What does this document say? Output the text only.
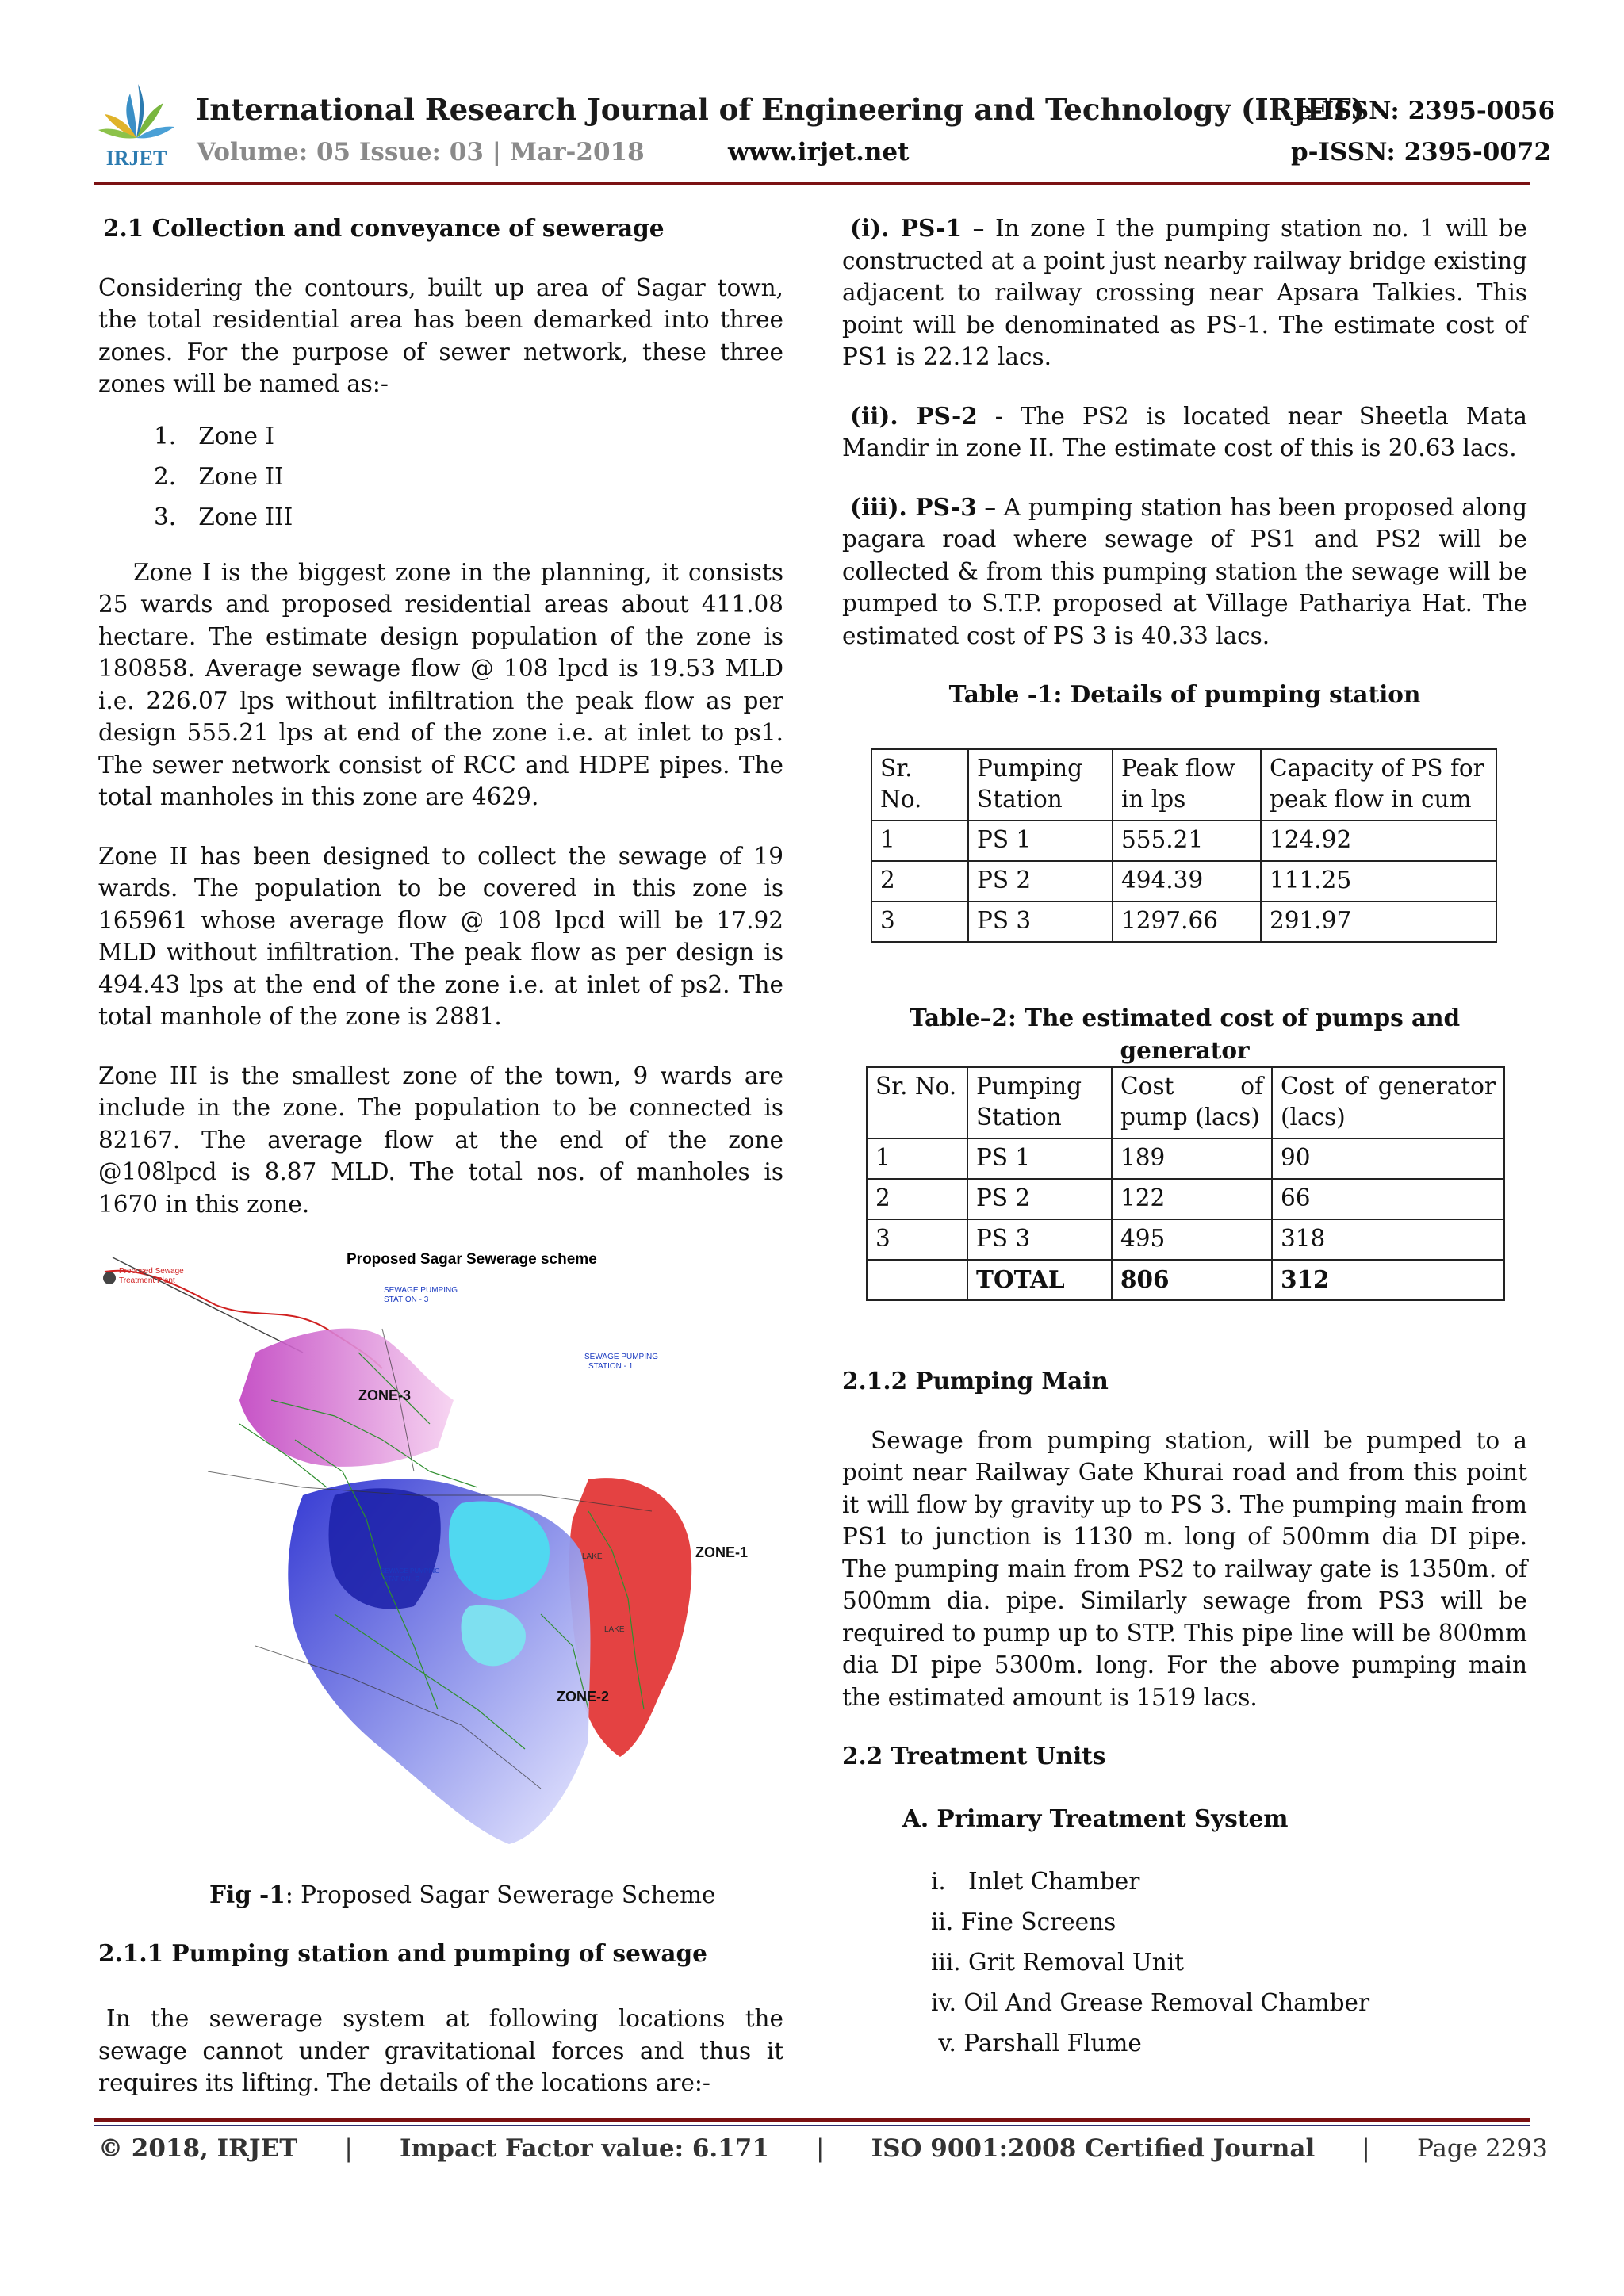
IRJET
International Research Journal of Engineering and Technology (IRJET)
e-ISSN: 2395-0056
Volume: 05 Issue: 03 | Mar-2018	www.irjet.net	p-ISSN: 2395-0072

2.1 Collection and conveyance of sewerage

Considering the contours, built up area of Sagar town, the total residential area has been demarked into three zones. For the purpose of sewer network, these three zones will be named as:-

1.   Zone I
2.   Zone II
3.   Zone III

Zone I is the biggest zone in the planning, it consists 25 wards and proposed residential areas about 411.08 hectare. The estimate design population of the zone is 180858. Average sewage flow @ 108 lpcd is 19.53 MLD i.e. 226.07 lps without infiltration the peak flow as per design 555.21 lps at end of the zone i.e. at inlet to ps1. The sewer network consist of RCC and HDPE pipes. The total manholes in this zone are 4629.

Zone II has been designed to collect the sewage of 19 wards. The population to be covered in this zone is 165961 whose average flow @ 108 lpcd will be 17.92 MLD without infiltration. The peak flow as per design is 494.43 lps at the end of the zone i.e. at inlet of ps2. The total manhole of the zone is 2881.

Zone III is the smallest zone of the town, 9 wards are include in the zone. The population to be connected is 82167. The average flow at the end of the zone @108lpcd is 8.87 MLD. The total nos. of manholes is 1670 in this zone.

Proposed Sagar Sewerage scheme
Proposed Sewage
Treatment Plant
SEWAGE PUMPING
STATION - 3
SEWAGE PUMPING
STATION - 1
SEWAGE PUMPING
STATION - 2
ZONE-3
ZONE-1
ZONE-2
LAKE
LAKE
Fig -1: Proposed Sagar Sewerage Scheme
2.1.1 Pumping station and pumping of sewage
In the sewerage system at following locations the sewage cannot under gravitational forces and thus it requires its lifting. The details of the locations are:-

(i). PS-1 – In zone I the pumping station no. 1 will be constructed at a point just nearby railway bridge existing adjacent to railway crossing near Apsara Talkies. This point will be denominated as PS-1. The estimate cost of PS1 is 22.12 lacs.

(ii). PS-2 - The PS2 is located near Sheetla Mata Mandir in zone II. The estimate cost of this is 20.63 lacs.

(iii). PS-3 – A pumping station has been proposed along pagara road where sewage of PS1 and PS2 will be collected & from this pumping station the sewage will be pumped to S.T.P. proposed at Village Pathariya Hat. The estimated cost of PS 3 is 40.33 lacs.

Table -1: Details of pumping station

Sr. No.	Pumping Station	Peak flow in lps	Capacity of PS for peak flow in cum
1	PS 1	555.21	124.92
2	PS 2	494.39	111.25
3	PS 3	1297.66	291.97
Table–2: The estimated cost of pumps and generator
Sr. No.	Pumping Station	Cost of pump (lacs)	Cost of generator (lacs)
1	PS 1	189	90
2	PS 2	122	66
3	PS 3	495	318
	TOTAL	806	312

2.1.2 Pumping Main

Sewage from pumping station, will be pumped to a point near Railway Gate Khurai road and from this point it will flow by gravity up to PS 3. The pumping main from PS1 to junction is 1130 m. long of 500mm dia DI pipe. The pumping main from PS2 to railway gate is 1350m. of 500mm dia. pipe. Similarly sewage from PS3 will be required to pump up to STP. This pipe line will be 800mm dia DI pipe 5300m. long. For the above pumping main the estimated amount is 1519 lacs.

2.2 Treatment Units

A. Primary Treatment System

i.   Inlet Chamber
ii. Fine Screens
iii. Grit Removal Unit
iv. Oil And Grease Removal Chamber
v. Parshall Flume
© 2018, IRJET      |      Impact Factor value: 6.171      |      ISO 9001:2008 Certified Journal      |      Page 2293
